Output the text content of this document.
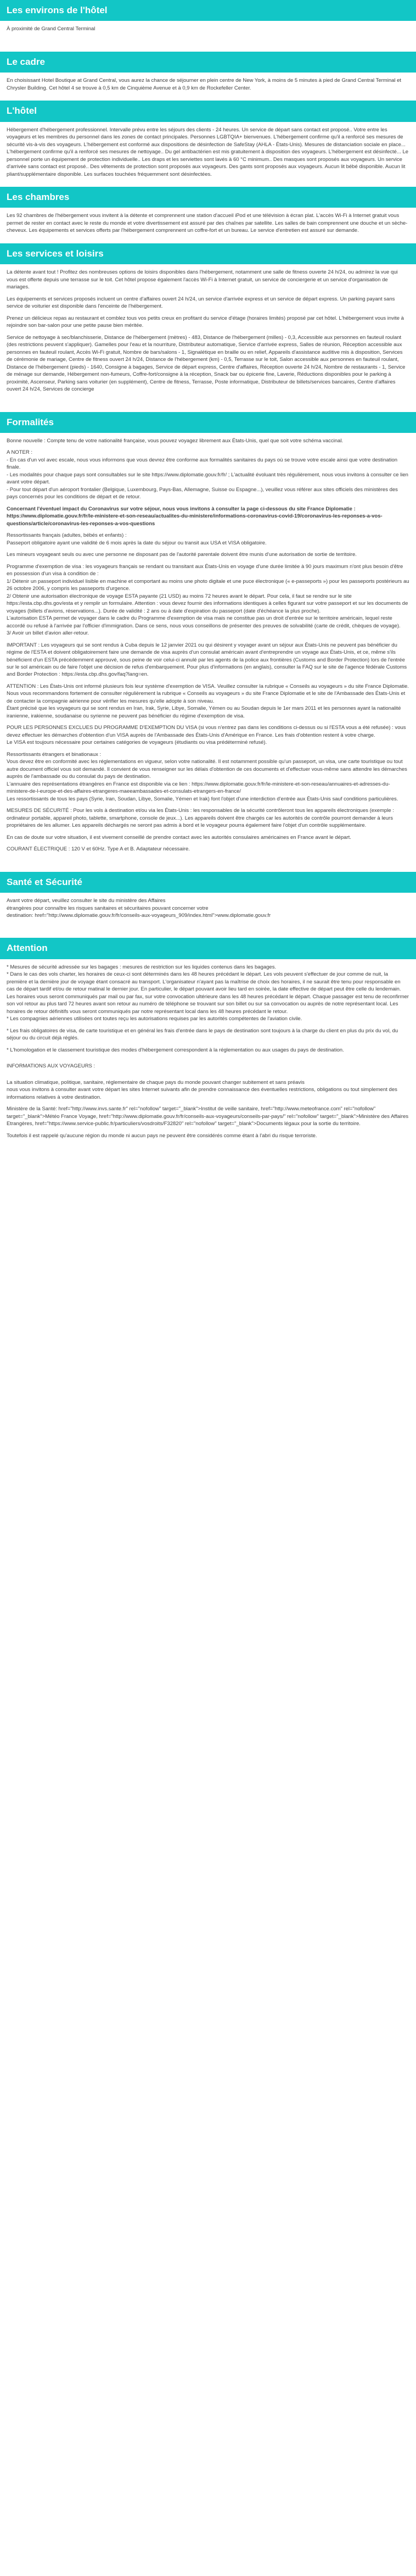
Les environs de l'hôtel
À proximité de Grand Central Terminal
Le cadre
En choisissant Hotel Boutique at Grand Central, vous aurez la chance de séjourner en plein centre de New York, à moins de 5 minutes à pied de Grand Central Terminal et Chrysler Building. Cet hôtel 4 se trouve à 0,5 km de Cinquième Avenue et à 0,9 km de Rockefeller Center.
L'hôtel
Hébergement d'hébergement professionnel. Intervalle prévu entre les séjours des clients - 24 heures. Un service de départ sans contact est proposé.. Votre entre les voyageurs et les membres du personnel dans les zones de contact principales. Personnes LGBTQIA+ bienvenues. L'hébergement confirme qu'il a renforcé ses mesures de sécurité vis-à-vis des voyageurs. L'hébergement est conformé aux dispositions de désinfection de SafeStay (AHLA - États-Unis). Mesures de distanciation sociale en place... L'hébergement confirme qu'il a renforcé ses mesures de nettoyage.. Du gel antibactérien est mis gratuitement à disposition des voyageurs. L'hébergement est désinfecté... Le personnel porte un équipement de protection individuelle.. Les draps et les serviettes sont lavés à 60 °C minimum.. Des masques sont proposés aux voyageurs. Un service d'arrivée sans contact est proposé.. Des vêtements de protection sont proposés aux voyageurs. Des gants sont proposés aux voyageurs. Aucun lit bébé disponible. Aucun lit pliant/supplémentaire disponible. Les surfaces touchées fréquemment sont désinfectées.
Les chambres
Les 92 chambres de l'hébergement vous invitent à la détente et comprennent une station d'accueil iPod et une télévision à écran plat. L'accès Wi-Fi à Internet gratuit vous permet de rester en contact avec le reste du monde et votre divertissement est assuré par des chaînes par satellite. Les salles de bain comprennent une douche et un sèche-cheveux. Les équipements et services offerts par l'hébergement comprennent un coffre-fort et un bureau. Le service d'entretien est assuré sur demande.
Les services et loisirs
La détente avant tout ! Profitez des nombreuses options de loisirs disponibles dans l'hébergement, notamment une salle de fitness ouverte 24 h/24, ou admirez la vue qui vous est offerte depuis une terrasse sur le toit. Cet hôtel propose également l'accès Wi-Fi à Internet gratuit, un service de conciergerie et un service d'organisation de mariages.
Les équipements et services proposés incluent un centre d'affaires ouvert 24 h/24, un service d'arrivée express et un service de départ express. Un parking payant sans service de voiturier est disponible dans l'enceinte de l'hébergement.
Prenez un délicieux repas au restaurant et comblez tous vos petits creux en profitant du service d'étage (horaires limités) proposé par cet hôtel. L'hébergement vous invite à rejoindre son bar-salon pour une petite pause bien méritée.
Service de nettoyage à sec/blanchisserie, Distance de l'hébergement (mètres) - 483, Distance de l'hébergement (milles) - 0,3, Accessible aux personnes en fauteuil roulant (des restrictions peuvent s'appliquer). Gamelles pour l'eau et la nourriture, Distributeur automatique, Service d'arrivée express, Salles de réunion, Réception accessible aux personnes en fauteuil roulant, Accès Wi-Fi gratuit, Nombre de bars/salons - 1, Signalétique en braille ou en relief, Appareils d'assistance auditive mis à disposition, Services de cérémonie de mariage, Centre de fitness ouvert 24 h/24, Distance de l'hébergement (km) - 0,5, Terrasse sur le toit, Salon accessible aux personnes en fauteuil roulant, Distance de l'hébergement (pieds) - 1640, Consigne à bagages, Service de départ express, Centre d'affaires, Réception ouverte 24 h/24, Nombre de restaurants - 1, Service de ménage sur demande, Hébergement non-fumeurs, Coffre-fort/consigne à la réception, Snack bar ou épicerie fine, Laverie, Réductions disponibles pour le parking à proximité, Ascenseur, Parking sans voiturier (en supplément), Centre de fitness, Terrasse, Poste informatique, Distributeur de billets/services bancaires, Centre d'affaires ouvert 24 h/24, Services de concierge
Formalités
Bonne nouvelle : Compte tenu de votre nationalité française, vous pouvez voyagez librement aux États-Unis, quel que soit votre schéma vaccinal.
A NOTER :
- En cas d'un vol avec escale, nous vous informons que vous devrez être conforme aux formalités sanitaires du pays où se trouve votre escale ainsi que votre destination finale.
- Les modalités pour chaque pays sont consultables sur le site https://www.diplomatie.gouv.fr/fr/ ; L'actualité évoluant très régulièrement, nous vous invitons à consulter ce lien avant votre départ.
- Pour tout départ d'un aéroport frontalier (Belgique, Luxembourg, Pays-Bas, Allemagne, Suisse ou Espagne...), veuillez vous référer aux sites officiels des ministères des pays concernés pour les conditions de départ et de retour.
Concernant l'éventuel impact du Coronavirus sur votre séjour, nous vous invitons à consulter la page ci-dessous du site France Diplomatie :
https://www.diplomatie.gouv.fr/fr/le-ministere-et-son-reseau/actualites-du-ministere/informations-coronavirus-covid-19/coronavirus-les-reponses-a-vos-questions/article/coronavirus-les-reponses-a-vos-questions
Ressortissants français (adultes, bébés et enfants) :
Passeport obligatoire ayant une validité de 6 mois après la date du séjour ou transit aux USA et VISA obligatoire.
Les mineurs voyageant seuls ou avec une personne ne disposant pas de l'autorité parentale doivent être munis d'une autorisation de sortie de territoire.
Programme d'exemption de visa : les voyageurs français se rendant ou transitant aux États-Unis en voyage d'une durée limitée à 90 jours maximum n'ont plus besoin d'être en possession d'un visa à condition de :
1/ Détenir un passeport individuel lisible en machine et comportant au moins une photo digitale et une puce électronique (« e-passeports ») pour les passeports postérieurs au 26 octobre 2006, y compris les passeports d'urgence.
2/ Obtenir une autorisation électronique de voyage ESTA payante (21 USD) au moins 72 heures avant le départ. Pour cela, il faut se rendre sur le site https://esta.cbp.dhs.gov/esta et y remplir un formulaire. Attention : vous devez fournir des informations identiques à celles figurant sur votre passeport et sur les documents de voyages (billets d'avions, réservations...). Durée de validité : 2 ans ou à date d'expiration du passeport (date d'échéance la plus proche).
L'autorisation ESTA permet de voyager dans le cadre du Programme d'exemption de visa mais ne constitue pas un droit d'entrée sur le territoire américain, lequel reste accordé ou refusé à l'arrivée par l'officier d'immigration. Dans ce sens, nous vous conseillons de présenter des preuves de solvabilité (carte de crédit, chèques de voyage).
3/ Avoir un billet d'avion aller-retour.
IMPORTANT : Les voyageurs qui se sont rendus à Cuba depuis le 12 janvier 2021 ou qui désirent y voyager avant un séjour aux États-Unis ne peuvent pas bénéficier du régime de l'ESTA et doivent obligatoirement faire une demande de visa auprès d'un consulat américain avant d'entreprendre un voyage aux États-Unis, et ce, même s'ils bénéficient d'un ESTA précédemment approuvé, sous peine de voir celui-ci annulé par les agents de la police aux frontières (Customs and Border Protection) lors de l'entrée sur le sol américain ou de faire l'objet une décision de refus d'embarquement. Pour plus d'informations (en anglais), consulter la FAQ sur le site de l'agence fédérale Customs and Border Protection : https://esta.cbp.dhs.gov/faq?lang=en.
ATTENTION : Les États-Unis ont informé plusieurs fois leur système d'exemption de VISA. Veuillez consulter la rubrique « Conseils au voyageurs » du site France Diplomatie.
Nous vous recommandons fortement de consulter régulièrement la rubrique « Conseils au voyageurs » du site France Diplomatie et le site de l'Ambassade des États-Unis et de contacter la compagnie aérienne pour vérifier les mesures qu'elle adopte à son niveau.
Étant précisé que les voyageurs qui se sont rendus en Iran, Irak, Syrie, Libye, Somalie, Yémen ou au Soudan depuis le 1er mars 2011 et les personnes ayant la nationalité iranienne, irakienne, soudanaise ou syrienne ne peuvent pas bénéficier du régime d'exemption de visa.
POUR LES PERSONNES EXCLUES DU PROGRAMME D'EXEMPTION DU VISA (si vous n'entrez pas dans les conditions ci-dessus ou si l'ESTA vous a été refusée) : vous devez effectuer les démarches d'obtention d'un VISA auprès de l'Ambassade des États-Unis d'Amérique en France. Les frais d'obtention restent à votre charge.
Le VISA est toujours nécessaire pour certaines catégories de voyageurs (étudiants ou visa prédéterminé refusé).
Ressortissants étrangers et binationaux :
Vous devez être en conformité avec les réglementations en vigueur, selon votre nationalité. Il est notamment possible qu'un passeport, un visa, une carte touristique ou tout autre document officiel vous soit demandé. Il convient de vous renseigner sur les délais d'obtention de ces documents et d'effectuer vous-même sans attendre les démarches auprès de l'ambassade ou du consulat du pays de destination.
L'annuaire des représentations étrangères en France est disponible via ce lien : https://www.diplomatie.gouv.fr/fr/le-ministere-et-son-reseau/annuaires-et-adresses-du-ministere-de-l-europe-et-des-affaires-etrangeres-maeeambassades-et-consulats-etrangers-en-france/
Les ressortissants de tous les pays (Syrie, Iran, Soudan, Libye, Somalie, Yémen et Irak) font l'objet d'une interdiction d'entrée aux États-Unis sauf conditions particulières.
MESURES DE SÉCURITÉ : Pour les vols à destination et/ou via les États-Unis : les responsables de la sécurité contrôleront tous les appareils électroniques (exemple : ordinateur portable, appareil photo, tablette, smartphone, console de jeux...). Les appareils doivent être chargés car les autorités de contrôle pourront demander à leurs propriétaires de les allumer. Les appareils déchargés ne seront pas admis à bord et le voyageur pourra également faire l'objet d'un contrôle supplémentaire.
En cas de doute sur votre situation, il est vivement conseillé de prendre contact avec les autorités consulaires américaines en France avant le départ.
COURANT ÉLECTRIQUE : 120 V et 60Hz. Type A et B. Adaptateur nécessaire.
Santé et Sécurité
Avant votre départ, veuillez consulter le site du ministère des Affaires
étrangères pour connaître les risques sanitaires et sécuritaires pouvant concerner votre
destination: href="http://www.diplomatie.gouv.fr/fr/conseils-aux-voyageurs_909/index.html">www.diplomatie.gouv.fr
Attention
* Mesures de sécurité adressée sur les bagages : mesures de restriction sur les liquides contenus dans les bagages.
* Dans le cas des vols charter, les horaires de ceux-ci sont déterminés dans les 48 heures précédant le départ. Les vols peuvent s'effectuer de jour comme de nuit, la première et la dernière jour de voyage étant consacré au transport. L'organisateur n'ayant pas la maîtrise de choix des horaires, il ne saurait être tenu pour responsable en cas de départ tardif et/ou de retour matinal le dernier jour. En particulier, le départ pouvant avoir lieu tard en soirée, la date effective de départ peut être celle du lendemain. Les horaires vous seront communiqués par mail ou par fax, sur votre convocation ultérieure dans les 48 heures précédant le départ. Chaque passager est tenu de reconfirmer son vol retour au plus tard 72 heures avant son retour au numéro de téléphone se trouvant sur son billet ou sur sa convocation ou auprès de notre représentant local. Les horaires de retour définitifs vous seront communiqués par notre représentant local dans les 48 heures précédant le retour.
* Les compagnies aériennes utilisées ont toutes reçu les autorisations requises par les autorités compétentes de l'aviation civile.
* Les frais obligatoires de visa, de carte touristique et en général les frais d'entrée dans le pays de destination sont toujours à la charge du client en plus du prix du vol, du séjour ou du circuit déjà réglés.
* L'homologation et le classement touristique des modes d'hébergement correspondent à la réglementation ou aux usages du pays de destination.
INFORMATIONS AUX VOYAGEURS :
La situation climatique, politique, sanitaire, réglementaire de chaque pays du monde pouvant changer subitement et sans préavis
nous vous invitons à consulter avant votre départ les sites Internet suivants afin de prendre connaissance des éventuelles restrictions, obligations ou tout simplement des informations relatives à votre destination.
Ministère de la Santé: href="http://www.invs.sante.fr" rel="nofollow" target="_blank">Institut de veille sanitaire, href="http://www.meteofrance.com" rel="nofollow" target="_blank">Météo France Voyage, href="http://www.diplomatie.gouv.fr/fr/conseils-aux-voyageurs/conseils-par-pays/" rel="nofollow" target="_blank">Ministère des Affaires Etrangères, href="https://www.service-public.fr/particuliers/vosdroits/F32820" rel="nofollow" target="_blank">Documents légaux pour la sortie du territoire.
Toutefois il est rappelé qu'aucune région du monde ni aucun pays ne peuvent être considérés comme étant à l'abri du risque terroriste.
